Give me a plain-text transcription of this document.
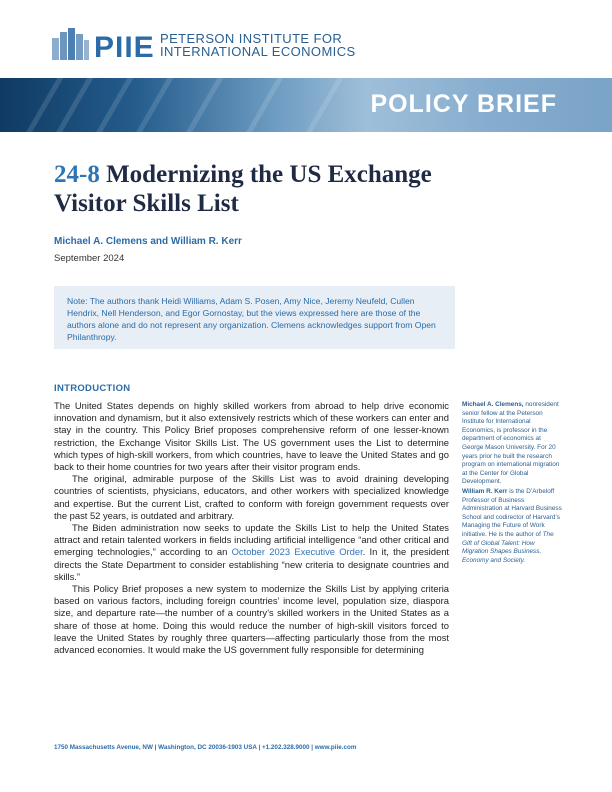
PIIE PETERSON INSTITUTE FOR
INTERNATIONAL ECONOMICS
POLICY BRIEF
24-8 Modernizing the US Exchange
Visitor Skills List
Michael A. Clemens and William R. Kerr
September 2024
Note: The authors thank Heidi Williams, Adam S. Posen, Amy Nice, Jeremy Neufeld, Cullen Hendrix, Nell Henderson, and Egor Gornostay, but the views expressed here are those of the authors alone and do not represent any organization. Clemens acknowledges support from Open Philanthropy.
INTRODUCTION

The United States depends on highly skilled workers from abroad to help drive economic innovation and dynamism, but it also extensively restricts which of these workers can enter and stay in the country. This Policy Brief proposes comprehensive reform of one lesser-known restriction, the Exchange Visitor Skills List. The US government uses the List to determine which types of high-skill workers, from which countries, have to leave the United States and go back to their home countries for two years after their visitor program ends.

The original, admirable purpose of the Skills List was to avoid draining developing countries of scientists, physicians, educators, and other workers with specialized knowledge and expertise. But the current List, crafted to conform with foreign government requests over the past 52 years, is outdated and arbitrary.

The Biden administration now seeks to update the Skills List to help the United States attract and retain talented workers in fields including artificial intelligence “and other critical and emerging technologies,” according to an October 2023 Executive Order. In it, the president directs the State Department to consider establishing “new criteria to designate countries and skills.”

This Policy Brief proposes a new system to modernize the Skills List by applying criteria based on various factors, including foreign countries’ income level, population size, diaspora size, and departure rate—the number of a country’s skilled workers in the United States as a share of those at home. Doing this would reduce the number of high-skill visitors forced to leave the United States by roughly three quarters—affecting particularly those from the most advanced economies. It would make the US government fully responsible for determining

Michael A. Clemens, nonresident senior fellow at the Peterson Institute for International Economics, is professor in the department of economics at George Mason University. For 20 years prior he built the research program on international migration at the Center for Global Development.

William R. Kerr is the D’Arbeloff Professor of Business Administration at Harvard Business School and codirector of Harvard’s Managing the Future of Work initiative. He is the author of The Gift of Global Talent: How Migration Shapes Business, Economy and Society.

1750 Massachusetts Avenue, NW | Washington, DC 20036-1903 USA | +1.202.328.9000 | www.piie.com
